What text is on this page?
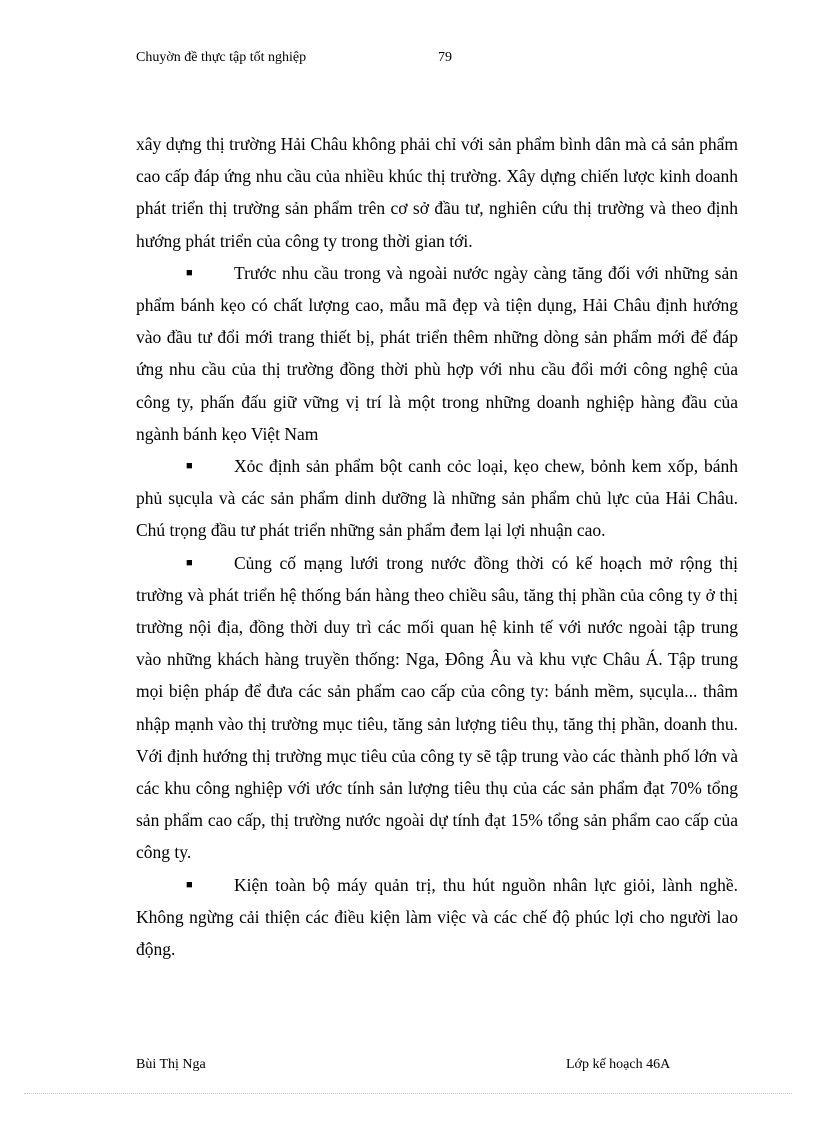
Chuyờn đề thực tập tốt nghiệp	79

xây dựng thị trường Hải Châu không phải chỉ với sản phẩm bình dân mà cả sản phẩm cao cấp đáp ứng nhu cầu của nhiều khúc thị trường. Xây dựng chiến lược kinh doanh phát triển thị trường sản phẩm trên cơ sở đầu tư, nghiên cứu thị trường và theo định hướng phát triển của công ty trong thời gian tới.

■ Trước nhu cầu trong và ngoài nước ngày càng tăng đối với những sản phẩm bánh kẹo có chất lượng cao, mẫu mã đẹp và tiện dụng, Hải Châu định hướng vào đầu tư đổi mới trang thiết bị, phát triển thêm những dòng sản phẩm mới để đáp ứng nhu cầu của thị trường đồng thời phù hợp với nhu cầu đổi mới công nghệ của công ty, phấn đấu giữ vững vị trí là một trong những doanh nghiệp hàng đầu của ngành bánh kẹo Việt Nam

■ Xỏc định sản phẩm bột canh cỏc loại, kẹo chew, bỏnh kem xốp, bánh phủ sụcụla và các sản phẩm dinh dưỡng là những sản phẩm chủ lực của Hải Châu. Chú trọng đầu tư phát triển những sản phẩm đem lại lợi nhuận cao.

■ Củng cố mạng lưới trong nước đồng thời có kế hoạch mở rộng thị trường và phát triển hệ thống bán hàng theo chiều sâu, tăng thị phần của công ty ở thị trường nội địa, đồng thời duy trì các mối quan hệ kinh tế với nước ngoài tập trung vào những khách hàng truyền thống: Nga, Đông Âu và khu vực Châu Á. Tập trung mọi biện pháp để đưa các sản phẩm cao cấp của công ty: bánh mềm, sụcụla... thâm nhập mạnh vào thị trường mục tiêu, tăng sản lượng tiêu thụ, tăng thị phần, doanh thu. Với định hướng thị trường mục tiêu của công ty sẽ tập trung vào các thành phố lớn và các khu công nghiệp với ước tính sản lượng tiêu thụ của các sản phẩm đạt 70% tổng sản phẩm cao cấp, thị trường nước ngoài dự tính đạt 15% tổng sản phẩm cao cấp của công ty.

■ Kiện toàn bộ máy quản trị, thu hút nguồn nhân lực giỏi, lành nghề. Không ngừng cải thiện các điều kiện làm việc và các chế độ phúc lợi cho người lao động.

Bùi Thị Nga	Lớp kế hoạch 46A
